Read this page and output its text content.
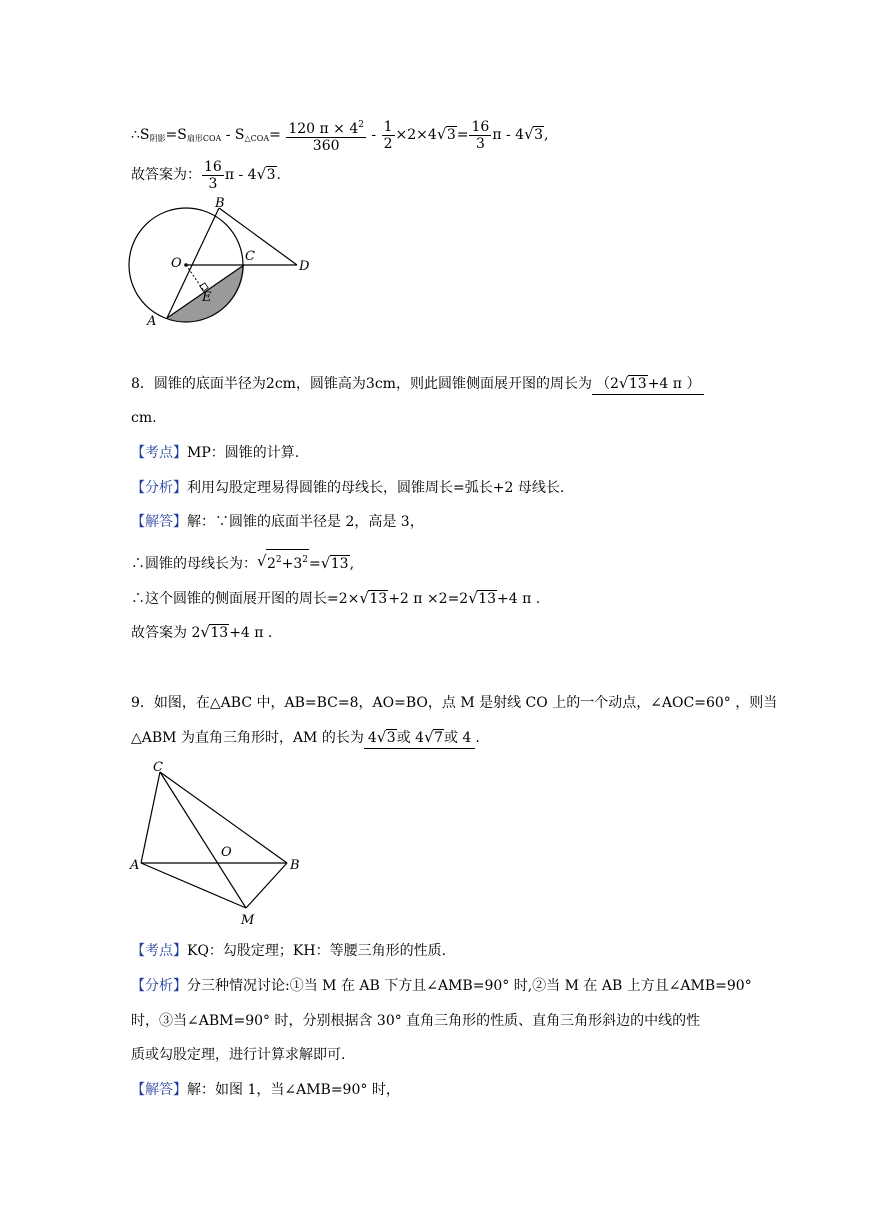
$\therefore S_{阴影}=S_{扇形COA} - S_{\triangle COA}= \frac{120 \pi \times 4^2}{360} - \frac{1}{2} \times 2\times 4√$ $3= \frac{16}{3}$ π - 4√ 3,
故答案为： $\frac{16}{3}$ π - 4√ 3.
B
O	C
D
E
A
8．圆锥的底面半径为2cm，圆锥高为3cm，则此圆锥侧面展开图的周长为 （2√ 13+4 π ）
cm.
【考点】MP：圆锥的计算.
【分析】利用勾股定理易得圆锥的母线长，圆锥周长=弧长+2 母线长.
【解答】解：∵圆锥的底面半径是 2，高是 3，
∴圆锥的母线长为：√ $2^2+3^2=√$ 13,
∴这个圆锥的侧面展开图的周长=2×√ 13+2 π ×2=2√ 13+4 π .
故答案为 2√ 13+4 π .
9．如图，在△ABC 中，AB=BC=8，AO=BO，点 M 是射线 CO 上的一个动点，∠AOC=60° ，则当
△ABM 为直角三角形时，AM 的长为 4√ 3或 4√ 7或 4 .
C
O
A	B
M
【考点】KQ：勾股定理；KH：等腰三角形的性质.
【分析】分三种情况讨论:①当 M 在 AB 下方且∠AMB=90° 时,②当 M 在 AB 上方且∠AMB=90°
时，③当∠ABM=90° 时，分别根据含 30° 直角三角形的性质、直角三角形斜边的中线的性
质或勾股定理，进行计算求解即可.
【解答】解：如图 1，当∠AMB=90° 时，
